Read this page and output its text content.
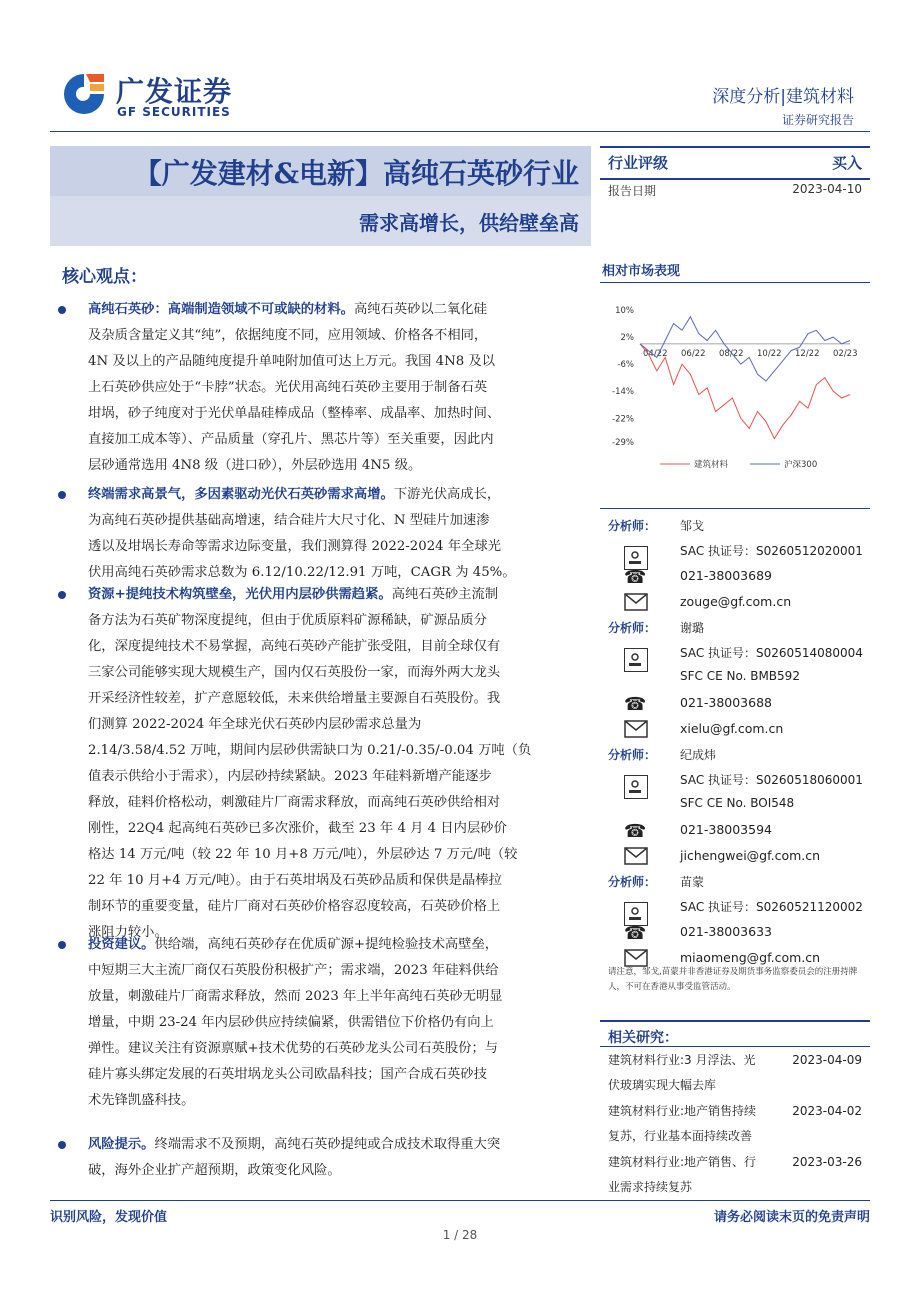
广发证券
GF SECURITIES
深度分析|建筑材料
证券研究报告
【广发建材&电新】高纯石英砂行业
需求高增长，供给壁垒高
行业评级	买入
报告日期	2023-04-10
核心观点：
高纯石英砂：高端制造领域不可或缺的材料。高纯石英砂以二氧化硅
及杂质含量定义其“纯”，依据纯度不同，应用领域、价格各不相同，
4N 及以上的产品随纯度提升单吨附加值可达上万元。我国 4N8 及以
上石英砂供应处于“卡脖”状态。光伏用高纯石英砂主要用于制备石英
坩埚，砂子纯度对于光伏单晶硅棒成品（整棒率、成晶率、加热时间、
直接加工成本等）、产品质量（穿孔片、黑芯片等）至关重要，因此内
层砂通常选用 4N8 级（进口砂），外层砂选用 4N5 级。
终端需求高景气，多因素驱动光伏石英砂需求高增。下游光伏高成长，
为高纯石英砂提供基础高增速，结合硅片大尺寸化、N 型硅片加速渗
透以及坩埚长寿命等需求边际变量，我们测算得 2022-2024 年全球光
伏用高纯石英砂需求总数为 6.12/10.22/12.91 万吨，CAGR 为 45%。
资源+提纯技术构筑壁垒，光伏用内层砂供需趋紧。高纯石英砂主流制
备方法为石英矿物深度提纯，但由于优质原料矿源稀缺，矿源品质分
化，深度提纯技术不易掌握，高纯石英砂产能扩张受阻，目前全球仅有
三家公司能够实现大规模生产，国内仅石英股份一家，而海外两大龙头
开采经济性较差，扩产意愿较低，未来供给增量主要源自石英股份。我
们测算 2022-2024 年全球光伏石英砂内层砂需求总量为
2.14/3.58/4.52 万吨，期间内层砂供需缺口为 0.21/-0.35/-0.04 万吨（负
值表示供给小于需求），内层砂持续紧缺。2023 年硅料新增产能逐步
释放，硅料价格松动，刺激硅片厂商需求释放，而高纯石英砂供给相对
刚性，22Q4 起高纯石英砂已多次涨价，截至 23 年 4 月 4 日内层砂价
格达 14 万元/吨（较 22 年 10 月+8 万元/吨），外层砂达 7 万元/吨（较
22 年 10 月+4 万元/吨）。由于石英坩埚及石英砂品质和保供是晶棒拉
制环节的重要变量，硅片厂商对石英砂价格容忍度较高，石英砂价格上
涨阻力较小。
投资建议。供给端，高纯石英砂存在优质矿源+提纯检验技术高壁垒，
中短期三大主流厂商仅石英股份积极扩产；需求端，2023 年硅料供给
放量，刺激硅片厂商需求释放，然而 2023 年上半年高纯石英砂无明显
增量，中期 23-24 年内层砂供应持续偏紧，供需错位下价格仍有向上
弹性。建议关注有资源禀赋+技术优势的石英砂龙头公司石英股份；与
硅片寡头绑定发展的石英坩埚龙头公司欧晶科技；国产合成石英砂技
术先锋凯盛科技。
风险提示。终端需求不及预期，高纯石英砂提纯或合成技术取得重大突
破，海外企业扩产超预期，政策变化风险。
相对市场表现
10%
2%
-6%
-14%
-22%
-29%
04/22 06/22 08/22 10/22 12/22 02/23
建筑材料	沪深300
分析师： 邹戈
SAC 执证号：S0260512020001
☎	021-38003689
zouge@gf.com.cn
分析师： 谢璐
SAC 执证号：S0260514080004
SFC CE No. BMB592
☎	021-38003688
xielu@gf.com.cn
分析师： 纪成炜
SAC 执证号：S0260518060001
SFC CE No. BOI548
☎	021-38003594
jichengwei@gf.com.cn
分析师： 苗蒙
SAC 执证号：S0260521120002
☎	021-38003633
miaomeng@gf.com.cn
请注意，邹戈,苗蒙并非香港证券及期货事务监察委员会的注册持牌人，不可在香港从事受监管活动。
相关研究：
建筑材料行业:3 月浮法、光
伏玻璃实现大幅去库
2023-04-09
建筑材料行业:地产销售持续
复苏，行业基本面持续改善
2023-04-02
建筑材料行业:地产销售、行
业需求持续复苏
2023-03-26
识别风险，发现价值	请务必阅读末页的免责声明
1 / 28
